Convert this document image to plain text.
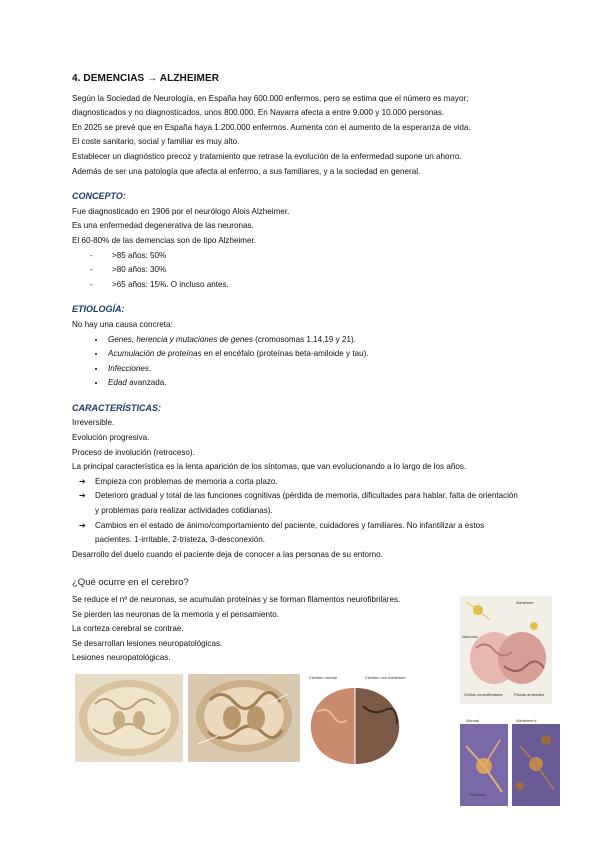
4. DEMENCIAS → ALZHEIMER
Según la Sociedad de Neurología, en España hay 600.000 enfermos, pero se estima que el número es mayor;
diagnosticados y no diagnosticados, unos 800.000. En Navarra afecta a entre 9.000 y 10.000 personas.
En 2025 se prevé que en España haya 1.200.000 enfermos. Aumenta con el aumento de la esperanza de vida.
El coste sanitario, social y familiar es muy alto.
Establecer un diagnóstico precoz y tratamiento que retrase la evolución de la enfermedad supone un ahorro.
Además de ser una patología que afecta al enfermo, a sus familiares, y a la sociedad en general.
CONCEPTO:
Fue diagnosticado en 1906 por el neurólogo Alois Alzheimer.
Es una enfermedad degenerativa de las neuronas.
El 60-80% de las demencias son de tipo Alzheimer.
- ˃85 años: 50%
- ˃80 años: 30%
- ˃65 años: 15%. O incluso antes.
ETIOLOGÍA:
No hay una causa concreta:
• Genes, herencia y mutaciones de genes (cromosomas 1,14,19 y 21).
• Acumulación de proteínas en el encéfalo (proteínas beta-amiloide y tau).
• Infecciones.
• Edad avanzada.
CARACTERÍSTICAS:
Irreversible.
Evolución progresiva.
Proceso de involución (retroceso).
La principal característica es la lenta aparición de los síntomas, que van evolucionando a lo largo de los años.
➔ Empieza con problemas de memoria a corta plazo.
➔ Deterioro gradual y total de las funciones cognitivas (pérdida de memoria, dificultades para hablar, falta de orientación y problemas para realizar actividades cotidianas).
➔ Cambios en el estado de ánimo/comportamiento del paciente, cuidadores y familiares. No infantilizar a estos pacientes. 1-irritable, 2-tristeza, 3-desconexión.
Desarrollo del duelo cuando el paciente deja de conocer a las personas de su entorno.
¿Qué ocurre en el cerebro?
Se reduce el nº de neuronas, se acumulan proteínas y se forman filamentos neurofibrilares.
Se pierden las neuronas de la memoria y el pensamiento.
La corteza cerebral se contrae.
Se desarrollan lesiones neuropatológicas.
Lesiones neuropatológicas.
Cerebro normal	Cerebro con Alzheimer
Alzheimer
Neurona
Ovillos neurofibrilares	Placas amiloides
Normal	Alzheimer's
Neurona
